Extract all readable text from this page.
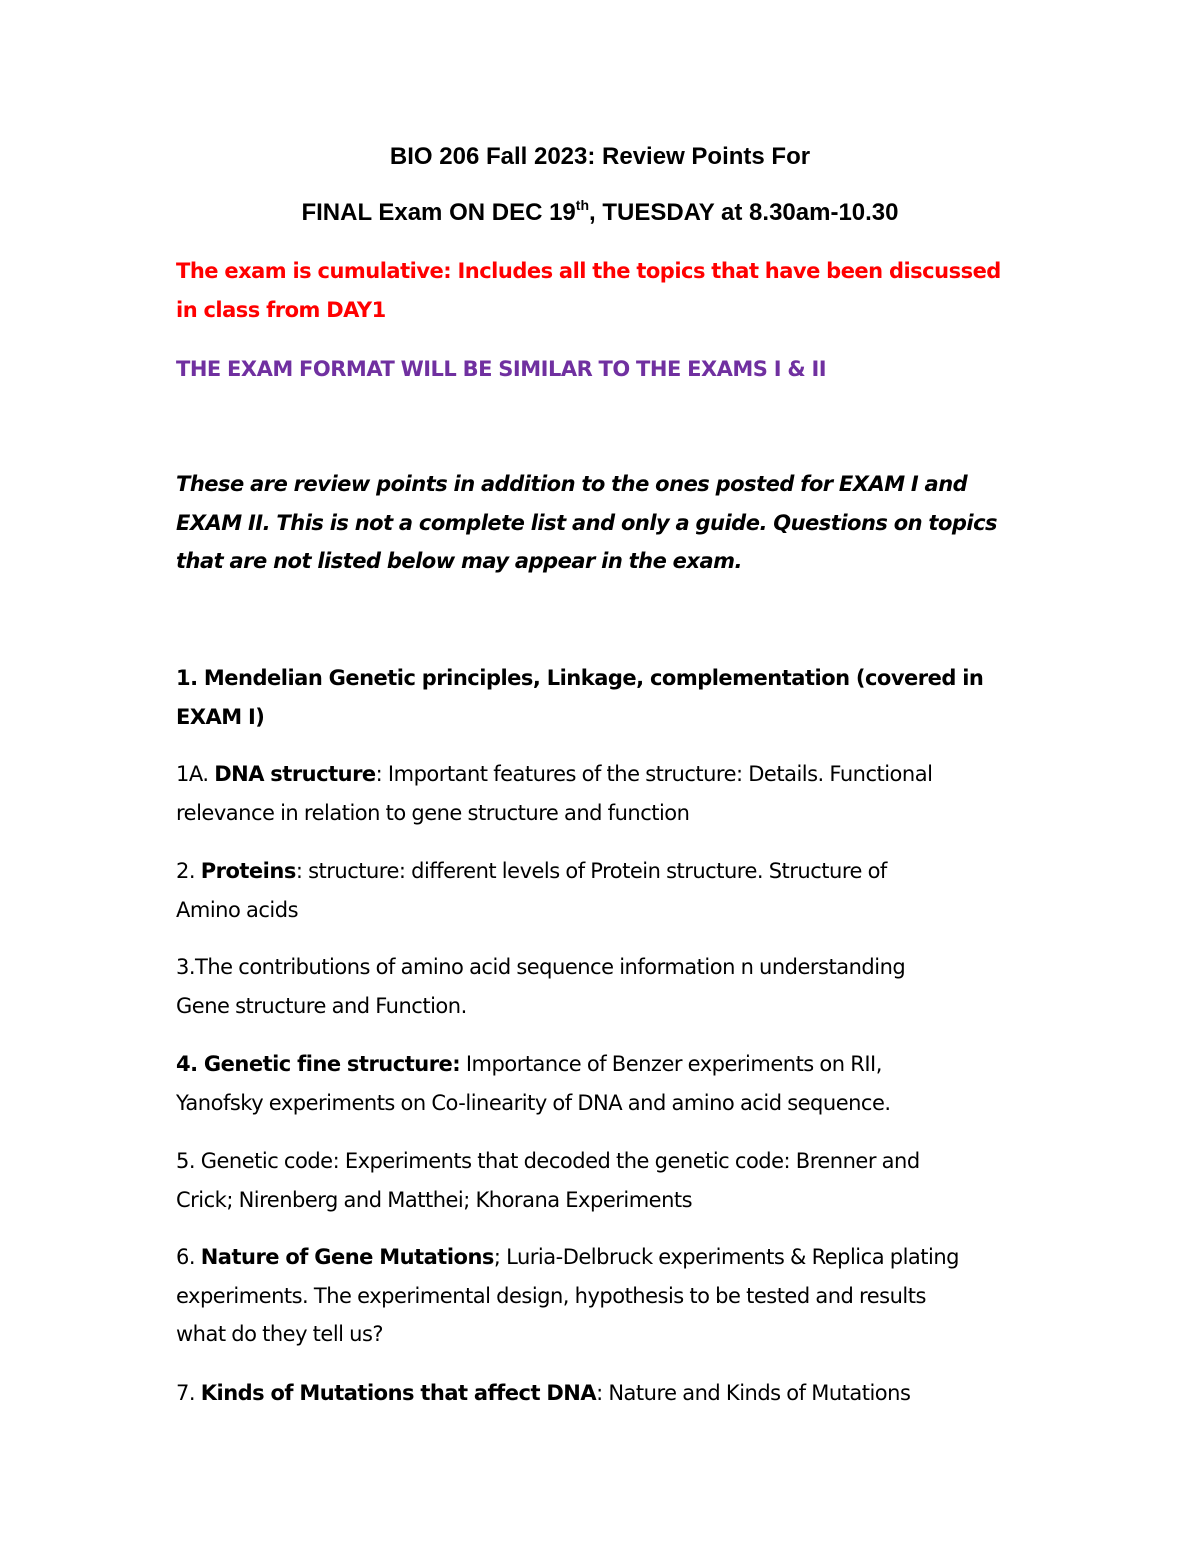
BIO 206 Fall 2023: Review Points For
FINAL Exam ON DEC 19th, TUESDAY at 8.30am-10.30
The exam is cumulative: Includes all the topics that have been discussed
in class from DAY1
THE EXAM FORMAT WILL BE SIMILAR TO THE EXAMS I & II
These are review points in addition to the ones posted for EXAM I and
EXAM II. This is not a complete list and only a guide. Questions on topics
that are not listed below may appear in the exam.
1. Mendelian Genetic principles, Linkage, complementation (covered in
EXAM I)
1A. DNA structure: Important features of the structure: Details. Functional
relevance in relation to gene structure and function
2. Proteins: structure: different levels of Protein structure. Structure of
Amino acids
3.The contributions of amino acid sequence information n understanding
Gene structure and Function.
4. Genetic fine structure: Importance of Benzer experiments on RII,
Yanofsky experiments on Co-linearity of DNA and amino acid sequence.
5. Genetic code: Experiments that decoded the genetic code: Brenner and
Crick; Nirenberg and Matthei; Khorana Experiments
6. Nature of Gene Mutations; Luria-Delbruck experiments & Replica plating
experiments. The experimental design, hypothesis to be tested and results
what do they tell us?
7. Kinds of Mutations that affect DNA: Nature and Kinds of Mutations
